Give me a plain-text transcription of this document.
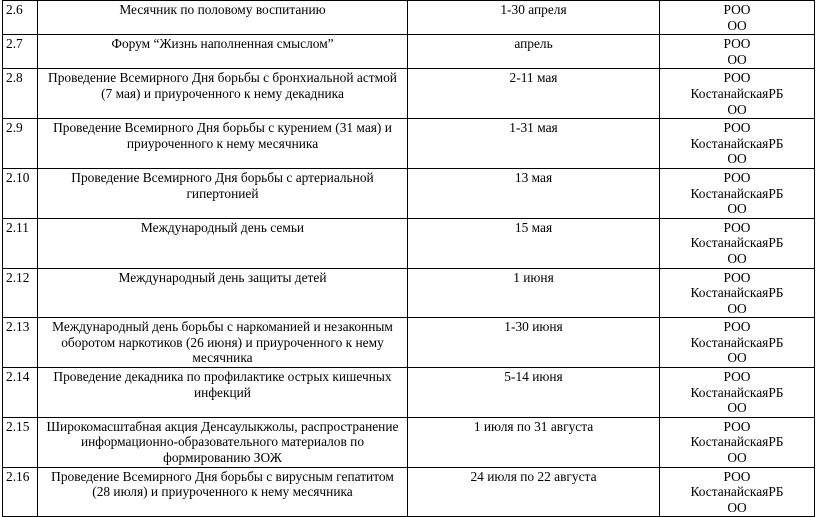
2.6	Месячник по половому воспитанию	1-30 апреля	РОО
ОО

2.7	Форум “Жизнь наполненная смыслом”	апрель	РОО
ОО

2.8	Проведение Всемирного Дня борьбы с бронхиальной астмой (7 мая) и приуроченного к нему декадника	2-11 мая	РОО
КостанайскаяРБ
ОО

2.9	Проведение Всемирного Дня борьбы с курением (31 мая) и приуроченного к нему месячника	1-31 мая	РОО
КостанайскаяРБ
ОО

2.10	Проведение Всемирного Дня борьбы с артериальной гипертонией	13 мая	РОО
КостанайскаяРБ
ОО

2.11	Международный день семьи	15 мая	РОО
КостанайскаяРБ
ОО

2.12	Международный день защиты детей	1 июня	РОО
КостанайскаяРБ
ОО

2.13	Международный день борьбы с наркоманией и незаконным оборотом наркотиков (26 июня) и приуроченного к нему месячника	1-30 июня	РОО
КостанайскаяРБ
ОО

2.14	Проведение декадника по профилактике острых кишечных инфекций	5-14 июня	РОО
КостанайскаяРБ
ОО

2.15	Широкомасштабная акция Денсаулыкжолы, распространение информационно-образовательного материалов по формированию ЗОЖ	1 июля по 31 августа	РОО
КостанайскаяРБ
ОО

2.16	Проведение Всемирного Дня борьбы с вирусным гепатитом (28 июля) и приуроченного к нему месячника	24 июля по 22 августа	РОО
КостанайскаяРБ
ОО
